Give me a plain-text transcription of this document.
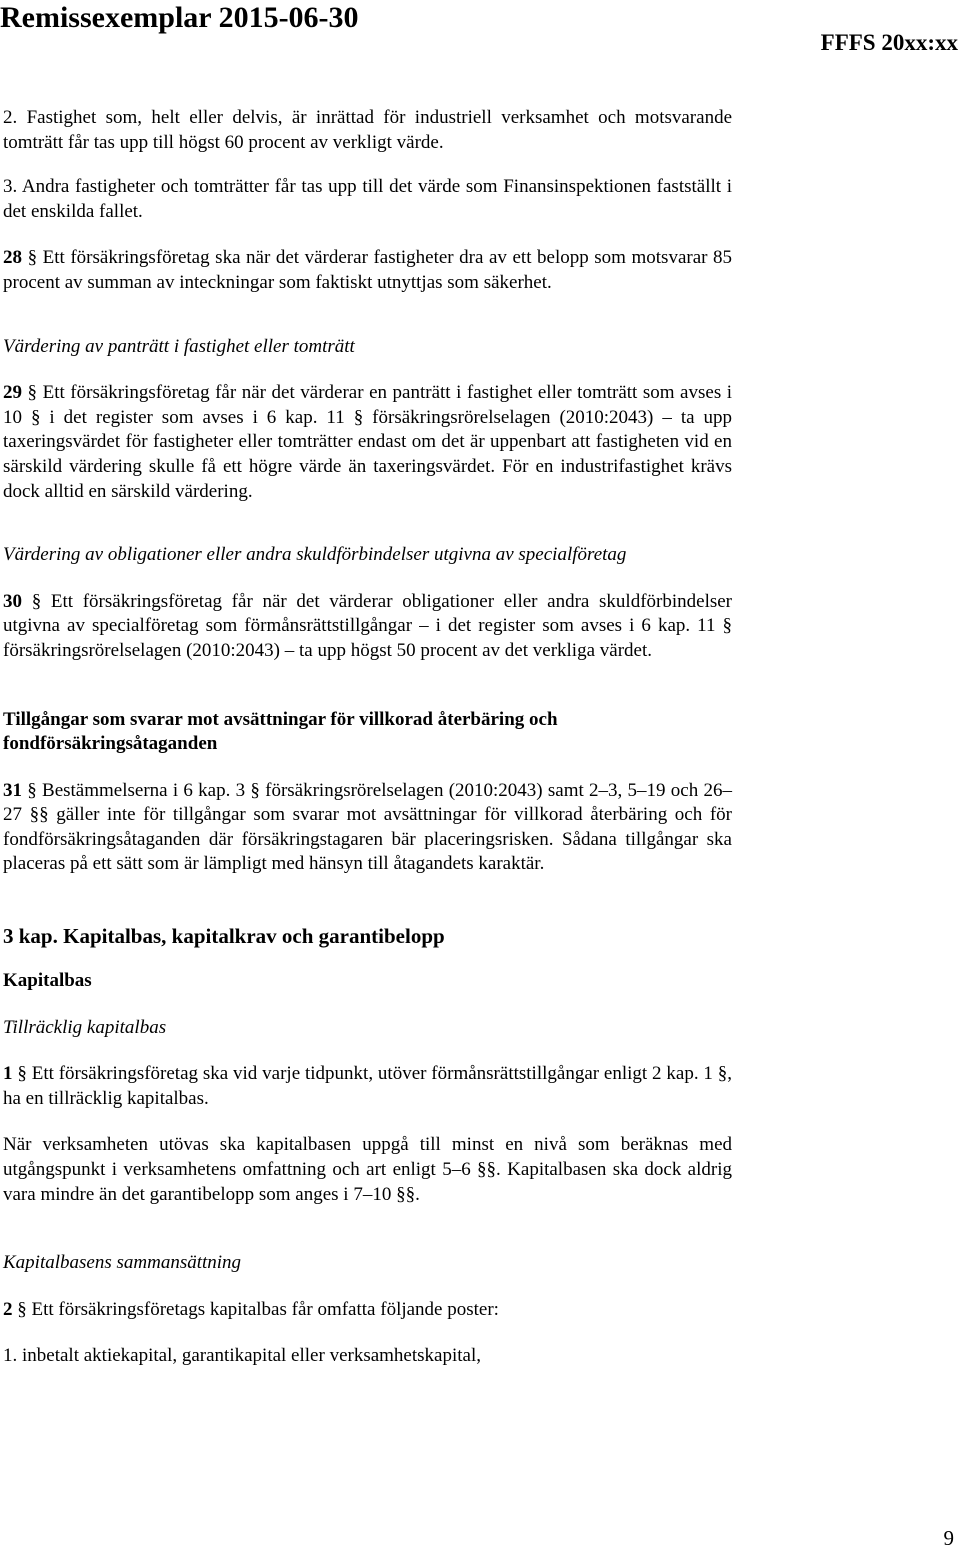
Remissexemplar 2015-06-30
FFFS 20xx:xx

2. Fastighet som, helt eller delvis, är inrättad för industriell verksamhet och motsvarande tomträtt får tas upp till högst 60 procent av verkligt värde.

3. Andra fastigheter och tomträtter får tas upp till det värde som Finansinspektionen fastställt i det enskilda fallet.

28 § Ett försäkringsföretag ska när det värderar fastigheter dra av ett belopp som motsvarar 85 procent av summan av inteckningar som faktiskt utnyttjas som säkerhet.

Värdering av panträtt i fastighet eller tomträtt

29 § Ett försäkringsföretag får när det värderar en panträtt i fastighet eller tomträtt som avses i 10 § i det register som avses i 6 kap. 11 § försäkringsrörelselagen (2010:2043) – ta upp taxeringsvärdet för fastigheter eller tomträtter endast om det är uppenbart att fastigheten vid en särskild värdering skulle få ett högre värde än taxeringsvärdet. För en industrifastighet krävs dock alltid en särskild värdering.

Värdering av obligationer eller andra skuldförbindelser utgivna av specialföretag

30 § Ett försäkringsföretag får när det värderar obligationer eller andra skuldförbindelser utgivna av specialföretag som förmånsrättstillgångar – i det register som avses i 6 kap. 11 § försäkringsrörelselagen (2010:2043) – ta upp högst 50 procent av det verkliga värdet.

Tillgångar som svarar mot avsättningar för villkorad återbäring och fondförsäkringsåtaganden

31 § Bestämmelserna i 6 kap. 3 § försäkringsrörelselagen (2010:2043) samt 2–3, 5–19 och 26–27 §§ gäller inte för tillgångar som svarar mot avsättningar för villkorad återbäring och för fondförsäkringsåtaganden där försäkringstagaren bär placeringsrisken. Sådana tillgångar ska placeras på ett sätt som är lämpligt med hänsyn till åtagandets karaktär.

3 kap. Kapitalbas, kapitalkrav och garantibelopp

Kapitalbas

Tillräcklig kapitalbas

1 § Ett försäkringsföretag ska vid varje tidpunkt, utöver förmånsrättstillgångar enligt 2 kap. 1 §, ha en tillräcklig kapitalbas.

När verksamheten utövas ska kapitalbasen uppgå till minst en nivå som beräknas med utgångspunkt i verksamhetens omfattning och art enligt 5–6 §§. Kapitalbasen ska dock aldrig vara mindre än det garantibelopp som anges i 7–10 §§.

Kapitalbasens sammansättning

2 § Ett försäkringsföretags kapitalbas får omfatta följande poster:

1. inbetalt aktiekapital, garantikapital eller verksamhetskapital,

9
